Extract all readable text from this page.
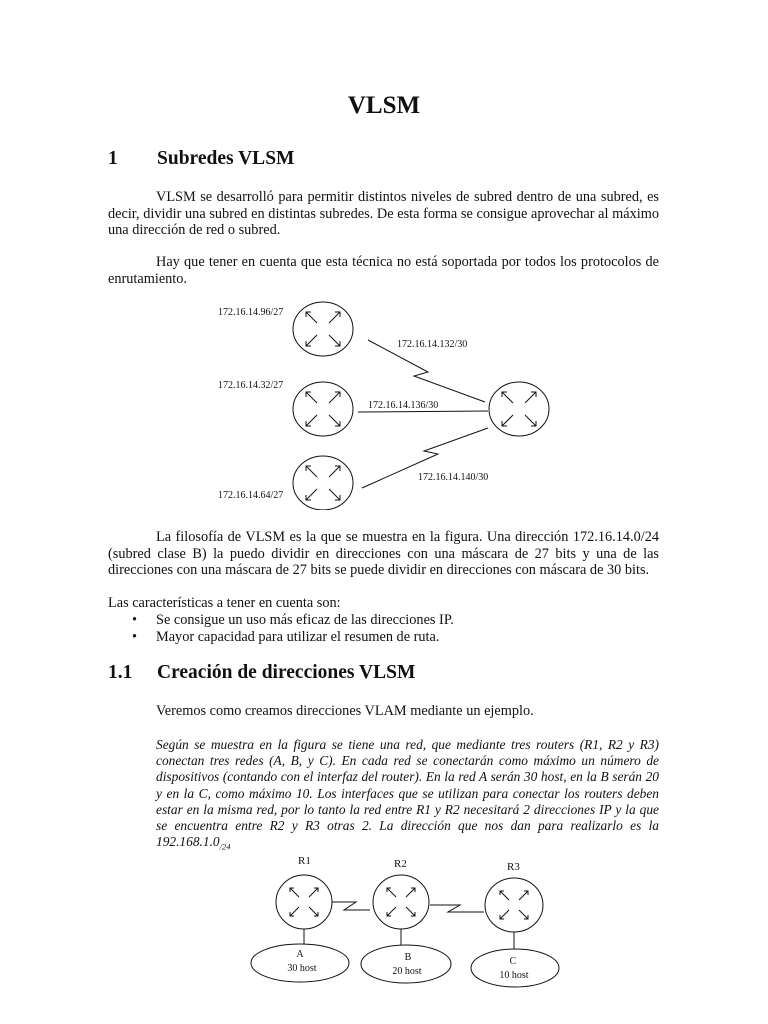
VLSM
1 Subredes VLSM

VLSM se desarrolló para permitir distintos niveles de subred dentro de una subred, es decir, dividir una subred en distintas subredes. De esta forma se consigue aprovechar al máximo una dirección de red o subred.

Hay que tener en cuenta que esta técnica no está soportada por todos los protocolos de enrutamiento.

172.16.14.96/27
172.16.14.32/27
172.16.14.64/27
172.16.14.132/30
172.16.14.136/30
172.16.14.140/30

La filosofía de VLSM es la que se muestra en la figura. Una dirección 172.16.14.0/24 (subred clase B) la puedo dividir en direcciones con una máscara de 27 bits y una de las direcciones con una máscara de 27 bits se puede dividir en direcciones con máscara de 30 bits.

Las características a tener en cuenta son:

• Se consigue un uso más eficaz de las direcciones IP.
• Mayor capacidad para utilizar el resumen de ruta.
1.1 Creación de direcciones VLSM

Veremos como creamos direcciones VLAM mediante un ejemplo.

Según se muestra en la figura se tiene una red, que mediante tres routers (R1, R2 y R3) conectan tres redes (A, B, y C). En cada red se conectarán como máximo un número de dispositivos (contando con el interfaz del router). En la red A serán 30 host, en la B serán 20 y en la C, como máximo 10. Los interfaces que se utilizan para conectar los routers deben estar en la misma red, por lo tanto la red entre R1 y R2 necesitará 2 direcciones IP y la que se encuentra entre R2 y R3 otras 2. La dirección que nos dan para realizarlo es la $192.168.1.0_{/24}$

R1	R2	R3
A
30 host
B
20 host
C
10 host
